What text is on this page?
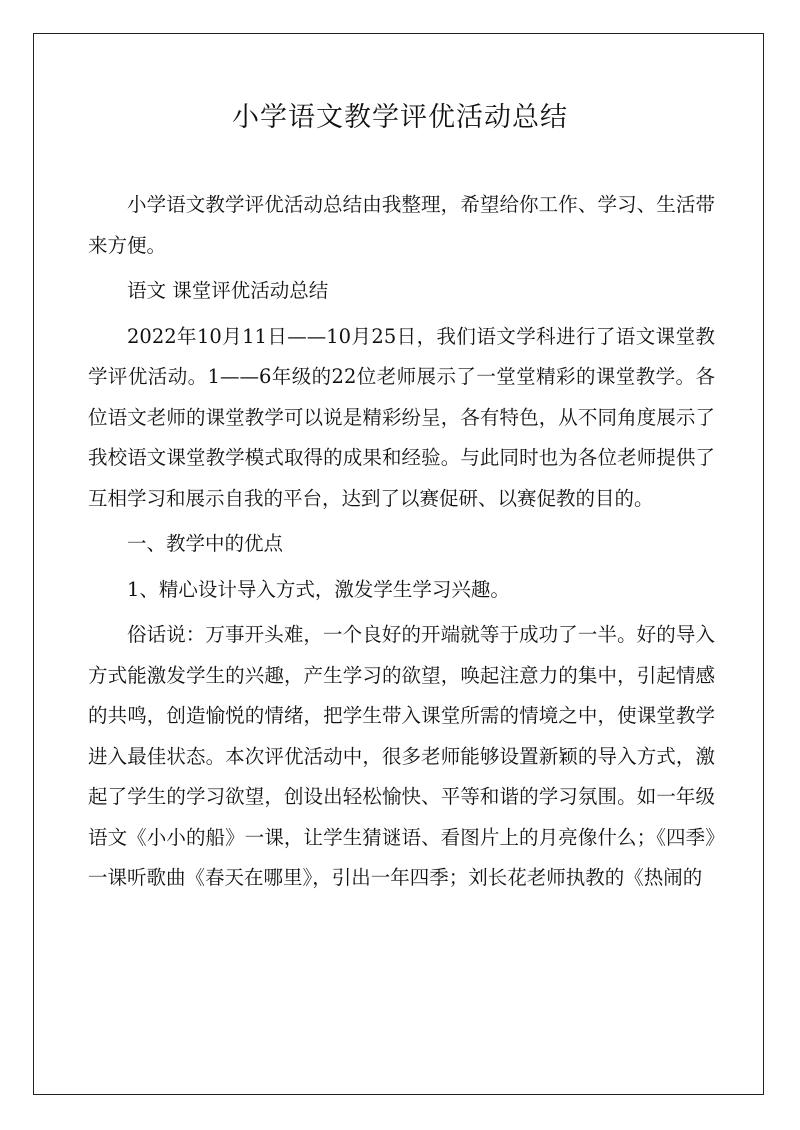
小学语文教学评优活动总结

小学语文教学评优活动总结由我整理，希望给你工作、学习、生活带来方便。

语文 课堂评优活动总结

2022年10月11日——10月25日，我们语文学科进行了语文课堂教学评优活动。1——6年级的22位老师展示了一堂堂精彩的课堂教学。各位语文老师的课堂教学可以说是精彩纷呈，各有特色，从不同角度展示了我校语文课堂教学模式取得的成果和经验。与此同时也为各位老师提供了互相学习和展示自我的平台，达到了以赛促研、以赛促教的目的。

一、教学中的优点

1、精心设计导入方式，激发学生学习兴趣。

俗话说：万事开头难，一个良好的开端就等于成功了一半。好的导入方式能激发学生的兴趣，产生学习的欲望，唤起注意力的集中，引起情感的共鸣，创造愉悦的情绪，把学生带入课堂所需的情境之中，使课堂教学进入最佳状态。本次评优活动中，很多老师能够设置新颖的导入方式，激起了学生的学习欲望，创设出轻松愉快、平等和谐的学习氛围。如一年级语文《小小的船》一课，让学生猜谜语、看图片上的月亮像什么；《四季》一课听歌曲《春天在哪里》，引出一年四季；刘长花老师执教的《热闹的
